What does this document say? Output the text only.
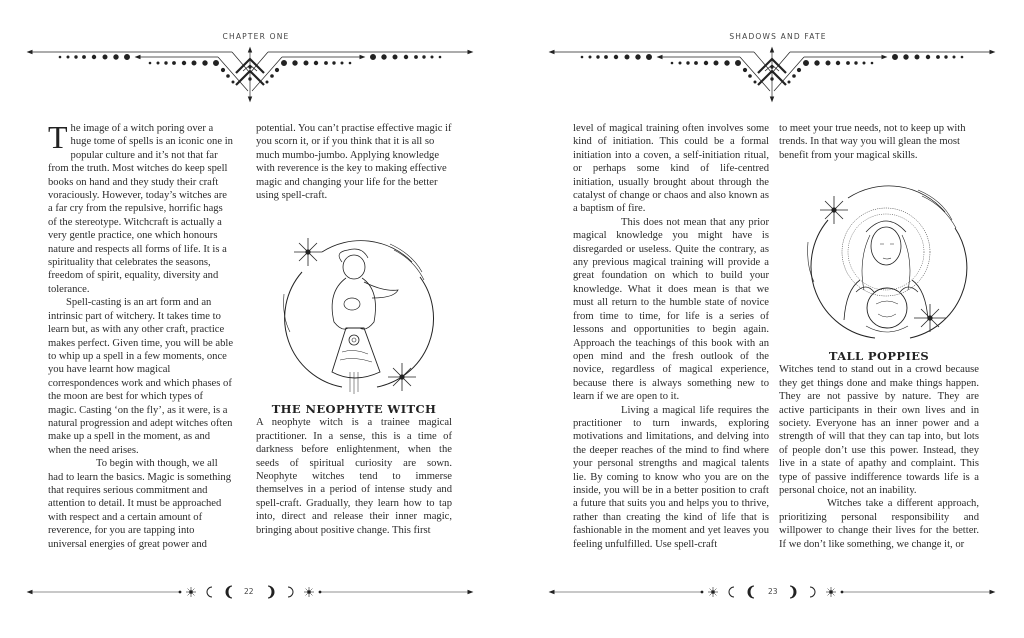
CHAPTER ONE

The image of a witch poring over a huge tome of spells is an iconic one in popular culture and it’s not that far from the truth. Most witches do keep spell books on hand and they study their craft voraciously. However, today’s witches are a far cry from the repulsive, horrific hags of the stereotype. Witchcraft is actually a very gentle practice, one which honours nature and respects all forms of life. It is a spirituality that celebrates the seasons, freedom of spirit, equality, diversity and tolerance.

Spell-casting is an art form and an intrinsic part of witchery. It takes time to learn but, as with any other craft, practice makes perfect. Given time, you will be able to whip up a spell in a few moments, once you have learnt how magical correspondences work and which phases of the moon are best for which types of magic. Casting ‘on the fly’, as it were, is a natural progression and adept witches often make up a spell in the moment, as and when the need arises.

To begin with though, we all had to learn the basics. Magic is something that requires serious commitment and attention to detail. It must be approached with respect and a certain amount of reverence, for you are tapping into universal energies of great power and

potential. You can’t practise effective magic if you scorn it, or if you think that it is all so much mumbo-jumbo. Applying knowledge with reverence is the key to making effective magic and changing your life for the better using spell-craft.

THE NEOPHYTE WITCH

A neophyte witch is a trainee magical practitioner. In a sense, this is a time of darkness before enlightenment, when the seeds of spiritual curiosity are sown. Neophyte witches tend to immerse themselves in a period of intense study and spell-craft. Gradually, they learn how to tap into, direct and release their inner magic, bringing about positive change. This first

22
SHADOWS AND FATE

level of magical training often involves some kind of initiation. This could be a formal initiation into a coven, a self-initiation ritual, or perhaps some kind of life-centred initiation, usually brought about through the catalyst of change or chaos and also known as a baptism of fire.

This does not mean that any prior magical knowledge you might have is disregarded or useless. Quite the contrary, as any previous magical training will provide a great foundation on which to build your knowledge. What it does mean is that we must all return to the humble state of novice from time to time, for life is a series of lessons and opportunities to begin again. Approach the teachings of this book with an open mind and the fresh outlook of the novice, regardless of magical experience, because there is always something new to learn if we are open to it.

Living a magical life requires the practitioner to turn inwards, exploring motivations and limitations, and delving into the deeper reaches of the mind to find where your personal strengths and magical talents lie. By coming to know who you are on the inside, you will be in a better position to craft a future that suits you and helps you to thrive, rather than creating the kind of life that is fashionable in the moment and yet leaves you feeling unfulfilled. Use spell-craft

to meet your true needs, not to keep up with trends. In that way you will glean the most benefit from your magical skills.

TALL POPPIES

Witches tend to stand out in a crowd because they get things done and make things happen. They are not passive by nature. They are active participants in their own lives and in society. Everyone has an inner power and a strength of will that they can tap into, but lots of people don’t use this power. Instead, they live in a state of apathy and complaint. This type of passive indifference towards life is a personal choice, not an inability.

Witches take a different approach, prioritizing personal responsibility and willpower to change their lives for the better. If we don’t like something, we change it, or

23
